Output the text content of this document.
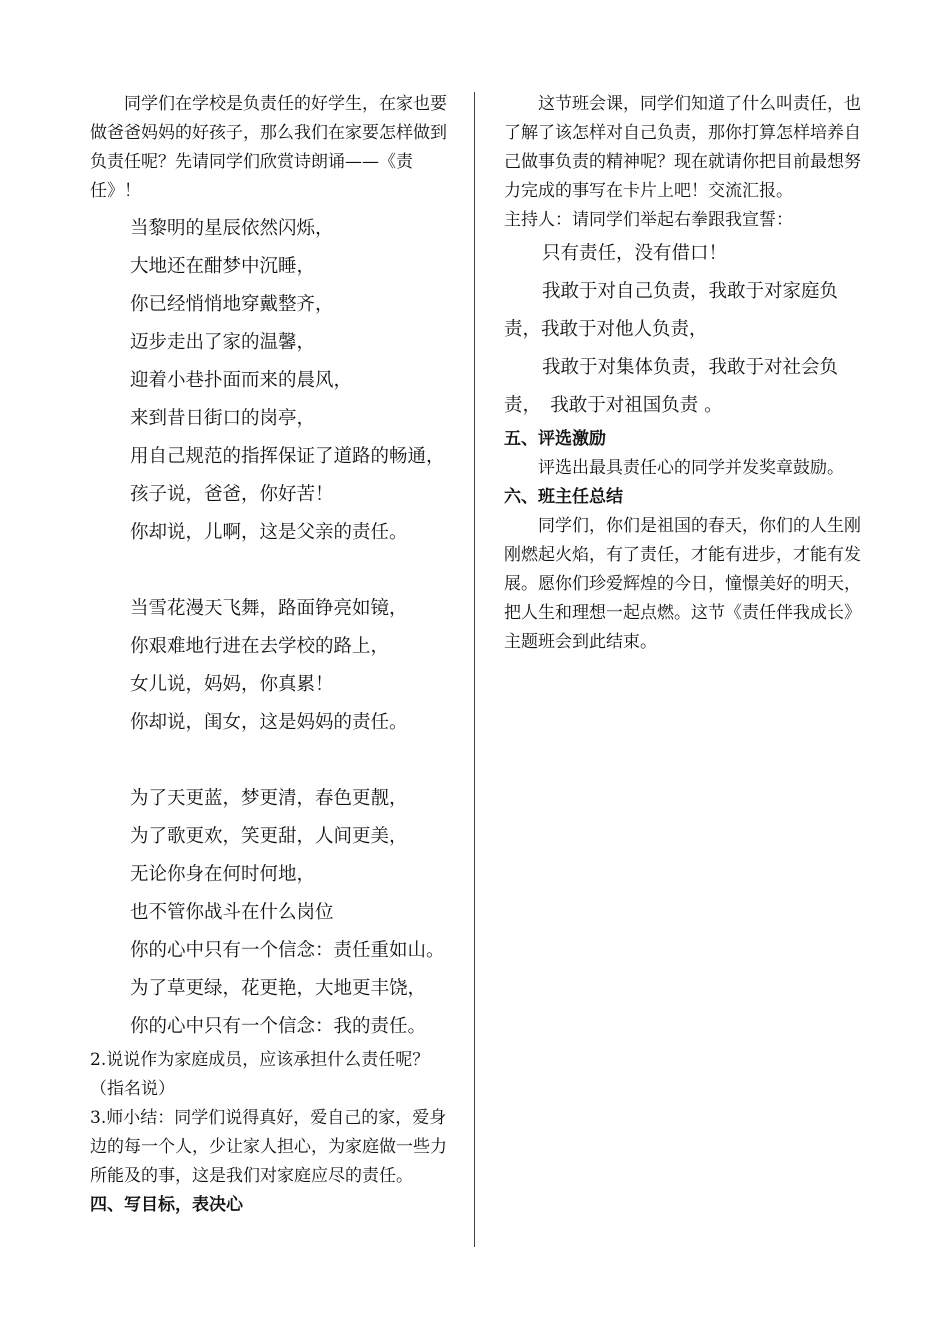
同学们在学校是负责任的好学生，在家也要做爸爸妈妈的好孩子，那么我们在家要怎样做到负责任呢？先请同学们欣赏诗朗诵——《责任》！

当黎明的星辰依然闪烁，

大地还在酣梦中沉睡，

你已经悄悄地穿戴整齐，

迈步走出了家的温馨，

迎着小巷扑面而来的晨风，

来到昔日街口的岗亭，

用自己规范的指挥保证了道路的畅通，

孩子说，爸爸，你好苦！

你却说，儿啊，这是父亲的责任。

当雪花漫天飞舞，路面铮亮如镜，

你艰难地行进在去学校的路上，

女儿说，妈妈，你真累！

你却说，闺女，这是妈妈的责任。

为了天更蓝，梦更清，春色更靓，

为了歌更欢，笑更甜，人间更美，

无论你身在何时何地，

也不管你战斗在什么岗位

你的心中只有一个信念：责任重如山。

为了草更绿，花更艳，大地更丰饶，

你的心中只有一个信念：我的责任。

2.说说作为家庭成员，应该承担什么责任呢？（指名说）

3.师小结：同学们说得真好，爱自己的家，爱身边的每一个人，少让家人担心，为家庭做一些力所能及的事，这是我们对家庭应尽的责任。

四、写目标，表决心

这节班会课，同学们知道了什么叫责任，也了解了该怎样对自己负责，那你打算怎样培养自己做事负责的精神呢？现在就请你把目前最想努力完成的事写在卡片上吧！交流汇报。

主持人：请同学们举起右拳跟我宣誓：

只有责任，没有借口！

我敢于对自己负责，我敢于对家庭负

责，我敢于对他人负责，

我敢于对集体负责，我敢于对社会负

责，　我敢于对祖国负责 。

五、评选激励

评选出最具责任心的同学并发奖章鼓励。

六、班主任总结

同学们，你们是祖国的春天，你们的人生刚刚燃起火焰，有了责任，才能有进步，才能有发展。愿你们珍爱辉煌的今日，憧憬美好的明天，把人生和理想一起点燃。这节《责任伴我成长》主题班会到此结束。
